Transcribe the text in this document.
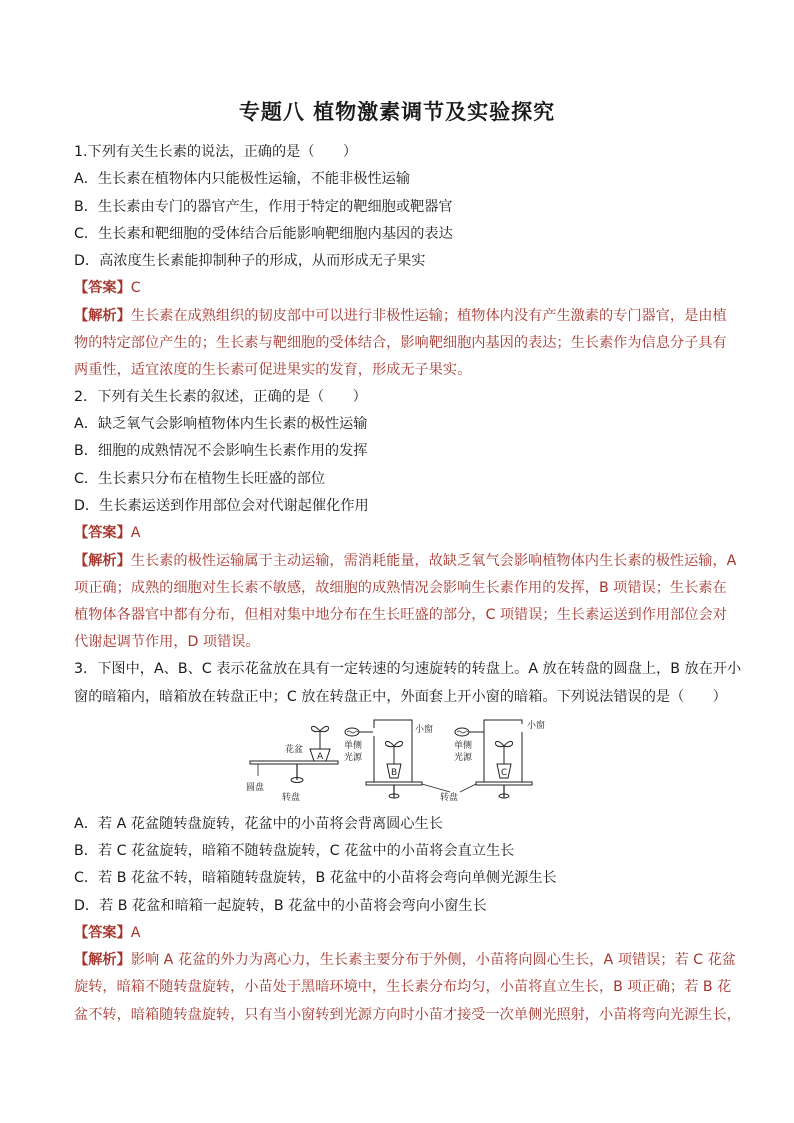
专题八 植物激素调节及实验探究
1.下列有关生长素的说法，正确的是（　　）
A．生长素在植物体内只能极性运输，不能非极性运输
B．生长素由专门的器官产生，作用于特定的靶细胞或靶器官
C．生长素和靶细胞的受体结合后能影响靶细胞内基因的表达
D．高浓度生长素能抑制种子的形成，从而形成无子果实
【答案】C
【解析】生长素在成熟组织的韧皮部中可以进行非极性运输；植物体内没有产生激素的专门器官，是由植
物的特定部位产生的；生长素与靶细胞的受体结合，影响靶细胞内基因的表达；生长素作为信息分子具有
两重性，适宜浓度的生长素可促进果实的发育，形成无子果实。
2．下列有关生长素的叙述，正确的是（　　）
A．缺乏氧气会影响植物体内生长素的极性运输
B．细胞的成熟情况不会影响生长素作用的发挥
C．生长素只分布在植物生长旺盛的部位
D．生长素运送到作用部位会对代谢起催化作用
【答案】A
【解析】生长素的极性运输属于主动运输，需消耗能量，故缺乏氧气会影响植物体内生长素的极性运输，A
项正确；成熟的细胞对生长素不敏感，故细胞的成熟情况会影响生长素作用的发挥，B 项错误；生长素在
植物体各器官中都有分布，但相对集中地分布在生长旺盛的部分，C 项错误；生长素运送到作用部位会对
代谢起调节作用，D 项错误。
3．下图中，A、B、C 表示花盆放在具有一定转速的匀速旋转的转盘上。A 放在转盘的圆盘上，B 放在开小
窗的暗箱内，暗箱放在转盘正中；C 放在转盘正中，外面套上开小窗的暗箱。下列说法错误的是（　　）
花盆
A
圆盘
转盘
单侧
光源
小窗
B
单侧
光源
小窗
C
转盘
A．若 A 花盆随转盘旋转，花盆中的小苗将会背离圆心生长
B．若 C 花盆旋转，暗箱不随转盘旋转，C 花盆中的小苗将会直立生长
C．若 B 花盆不转，暗箱随转盘旋转，B 花盆中的小苗将会弯向单侧光源生长
D．若 B 花盆和暗箱一起旋转，B 花盆中的小苗将会弯向小窗生长
【答案】A
【解析】影响 A 花盆的外力为离心力，生长素主要分布于外侧，小苗将向圆心生长，A 项错误；若 C 花盆
旋转，暗箱不随转盘旋转，小苗处于黑暗环境中，生长素分布均匀，小苗将直立生长，B 项正确；若 B 花
盆不转，暗箱随转盘旋转，只有当小窗转到光源方向时小苗才接受一次单侧光照射，小苗将弯向光源生长，
